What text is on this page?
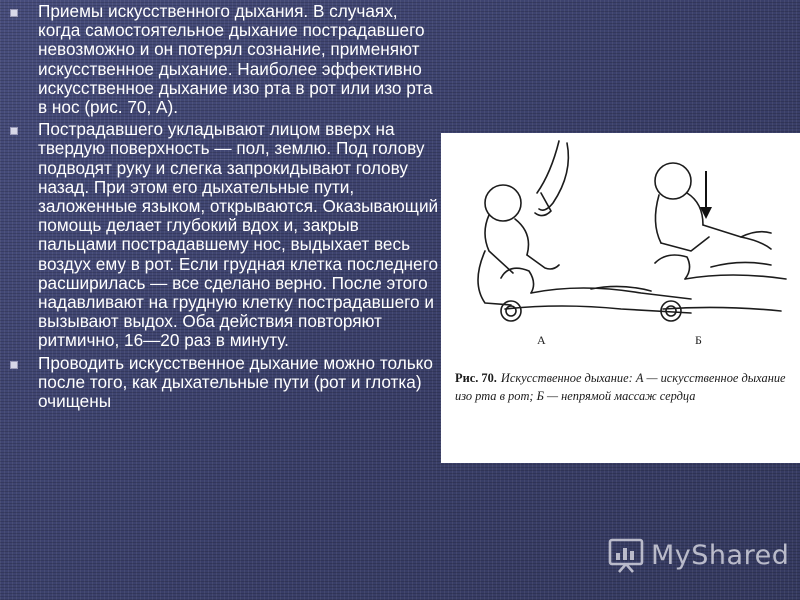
Приемы искусственного дыхания. В случаях, когда самостоятельное дыхание пострадавшего невозможно и он потерял сознание, применяют искусственное дыхание. Наиболее эффективно искусственное дыхание изо рта в рот или изо рта в нос (рис. 70, А).
Пострадавшего укладывают лицом вверх на твердую поверхность — пол, землю. Под голову подводят руку и слегка запрокидывают голову назад. При этом его дыхательные пути, заложенные языком, открываются. Оказывающий помощь делает глубокий вдох и, закрыв пальцами пострадавшему нос, выдыхает весь воздух ему в рот. Если грудная клетка последнего расширилась — все сделано верно. После этого надавливают на грудную клетку пострадавшего и вызывают выдох. Оба действия повторяют ритмично, 16—20 раз в минуту.
Проводить искусственное дыхание можно только после того, как дыхательные пути (рот и глотка) очищены
А	Б
Рис. 70. Искусственное дыхание: А — искусственное дыхание изо рта в рот; Б — непрямой массаж сердца
MyShared
